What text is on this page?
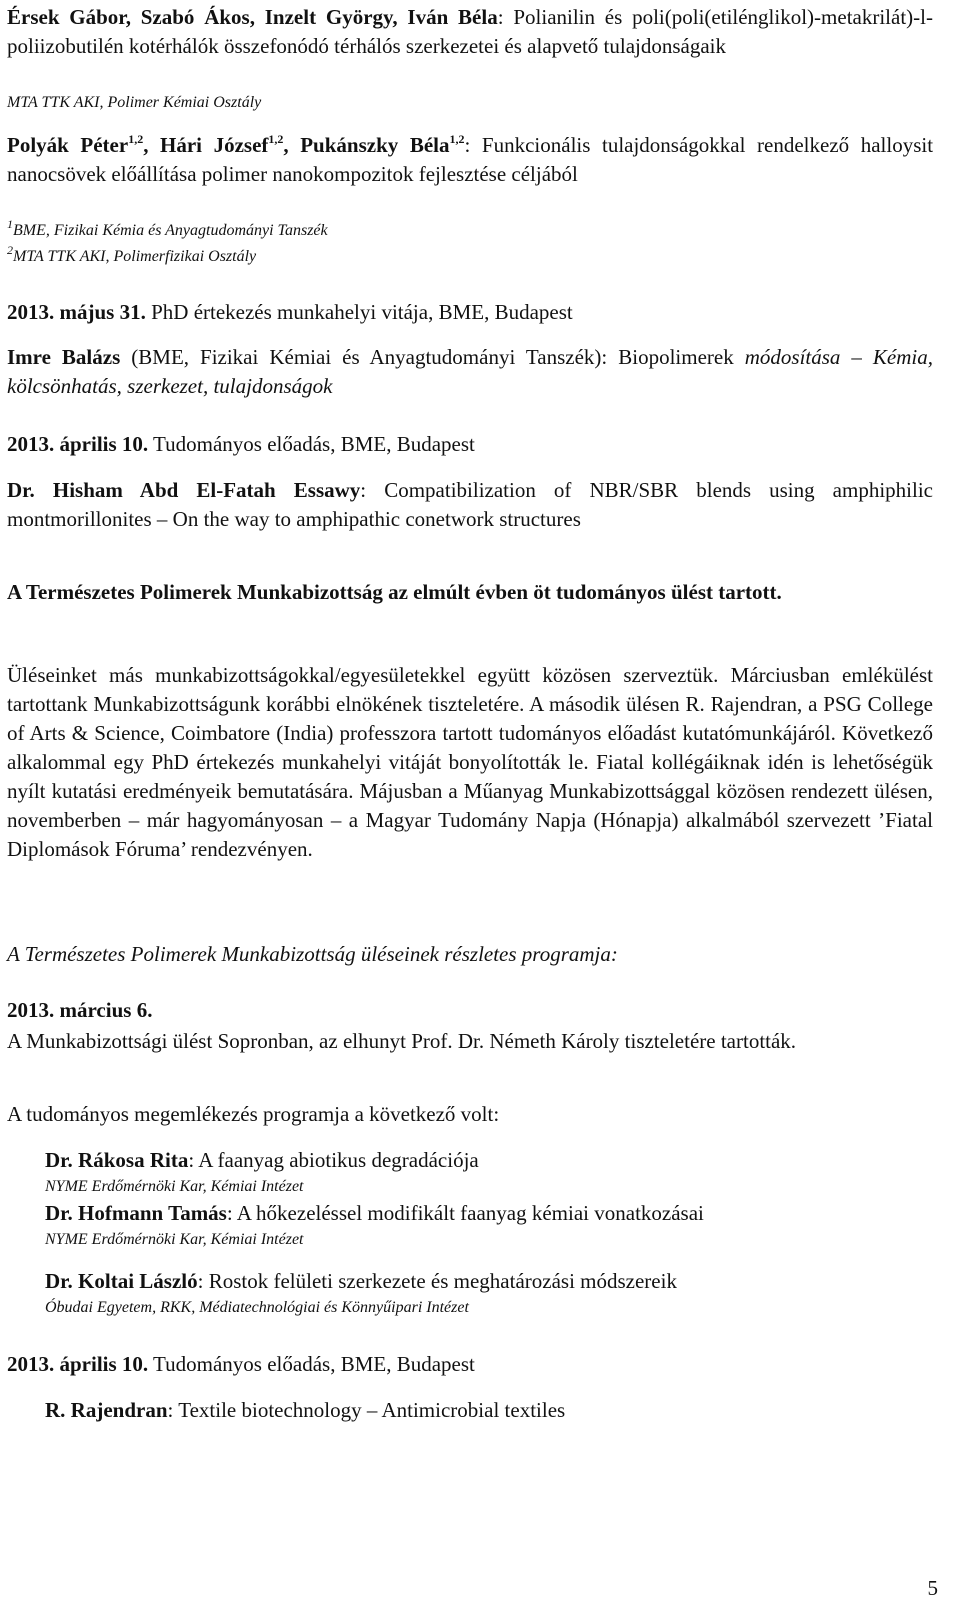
Érsek Gábor, Szabó Ákos, Inzelt György, Iván Béla: Polianilin és poli(poli(etilénglikol)-metakrilát)-l-poliizobutilén kotérhálók összefonódó térhálós szerkezetei és alapvető tulajdonságaik
MTA TTK AKI, Polimer Kémiai Osztály
Polyák Péter$^{1,2}$, Hári József$^{1,2}$, Pukánszky Béla$^{1,2}$: Funkcionális tulajdonságokkal rendelkező halloysit nanocsövek előállítása polimer nanokompozitok fejlesztése céljából
$^1$BME, Fizikai Kémia és Anyagtudományi Tanszék
$^2$MTA TTK AKI, Polimerfizikai Osztály
2013. május 31. PhD értekezés munkahelyi vitája, BME, Budapest
Imre Balázs (BME, Fizikai Kémiai és Anyagtudományi Tanszék): Biopolimerek módosítása – Kémia, kölcsönhatás, szerkezet, tulajdonságok
2013. április 10. Tudományos előadás, BME, Budapest
Dr. Hisham Abd El-Fatah Essawy: Compatibilization of NBR/SBR blends using amphiphilic montmorillonites – On the way to amphipathic conetwork structures
A Természetes Polimerek Munkabizottság az elmúlt évben öt tudományos ülést tartott.
Üléseinket más munkabizottságokkal/egyesületekkel együtt közösen szerveztük. Márciusban emlékülést tartottank Munkabizottságunk korábbi elnökének tiszteletére. A második ülésen R. Rajendran, a PSG College of Arts & Science, Coimbatore (India) professzora tartott tudományos előadást kutatómunkájáról. Következő alkalommal egy PhD értekezés munkahelyi vitáját bonyolították le. Fiatal kollégáiknak idén is lehetőségük nyílt kutatási eredményeik bemutatására. Májusban a Műanyag Munkabizottsággal közösen rendezett ülésen, novemberben – már hagyományosan – a Magyar Tudomány Napja (Hónapja) alkalmából szervezett ’Fiatal Diplomások Fóruma’ rendezvényen.
A Természetes Polimerek Munkabizottság üléseinek részletes programja:
2013. március 6.
A Munkabizottsági ülést Sopronban, az elhunyt Prof. Dr. Németh Károly tiszteletére tartották.
A tudományos megemlékezés programja a következő volt:
Dr. Rákosa Rita: A faanyag abiotikus degradációja
NYME Erdőmérnöki Kar, Kémiai Intézet
Dr. Hofmann Tamás: A hőkezeléssel modifikált faanyag kémiai vonatkozásai
NYME Erdőmérnöki Kar, Kémiai Intézet
Dr. Koltai László: Rostok felületi szerkezete és meghatározási módszereik
Óbudai Egyetem, RKK, Médiatechnológiai és Könnyűipari Intézet
2013. április 10. Tudományos előadás, BME, Budapest
R. Rajendran: Textile biotechnology – Antimicrobial textiles
5
